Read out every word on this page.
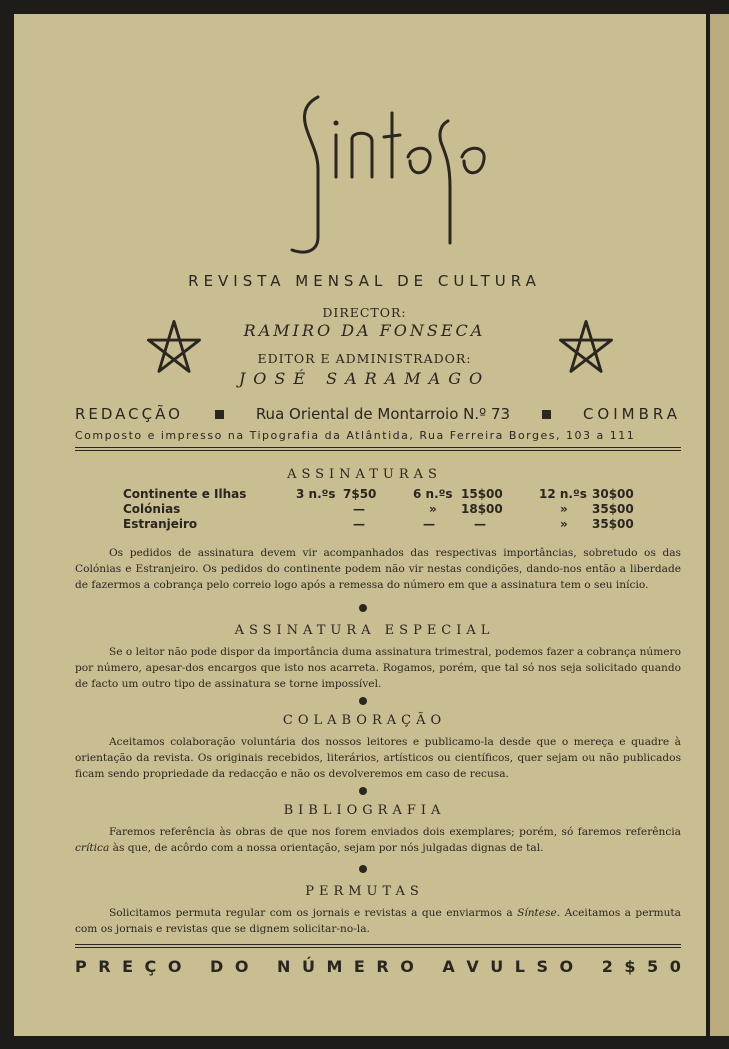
REVISTA MENSAL DE CULTURA
DIRECTOR:
RAMIRO DA FONSECA
EDITOR E ADMINISTRADOR:
JOSÉ SARAMAGO
REDACÇÃO	Rua Oriental de Montarroio N.º 73	COIMBRA
Composto e impresso na Tipografia da Atlântida, Rua Ferreira Borges, 103 a 111
ASSINATURAS
Continente e Ilhas	3 n.ºs 7$50	6 n.ºs 15$00	12 n.ºs 30$00
Colónias	—	» 18$00	» 35$00
Estranjeiro	—	—	—	» 35$00
Os pedidos de assinatura devem vir acompanhados das respectivas importâncias, sobretudo os das Colónias e Estranjeiro. Os pedidos do continente podem não vir nestas condições, dando-nos então a liberdade de fazermos a cobrança pelo correio logo após a remessa do número em que a assinatura tem o seu início.
ASSINATURA ESPECIAL
Se o leitor não pode dispor da importância duma assinatura trimestral, podemos fazer a cobrança número por número, apesar-dos encargos que isto nos acarreta. Rogamos, porém, que tal só nos seja solicitado quando de facto um outro tipo de assinatura se torne impossível.
COLABORAÇÃO
Aceitamos colaboração voluntária dos nossos leitores e publicamo-la desde que o mereça e quadre à orientação da revista. Os originais recebidos, literários, artísticos ou científicos, quer sejam ou não publicados ficam sendo propriedade da redacção e não os devolveremos em caso de recusa.
BIBLIOGRAFIA
Faremos referência às obras de que nos forem enviados dois exemplares; porém, só faremos referência crítica às que, de acôrdo com a nossa orientação, sejam por nós julgadas dignas de tal.
PERMUTAS
Solicitamos permuta regular com os jornais e revistas a que enviarmos a Síntese. Aceitamos a permuta com os jornais e revistas que se dignem solicitar-no-la.
P R E Ç O
D O
N Ú M E R O
A V U L S O
2 $ 5 0
